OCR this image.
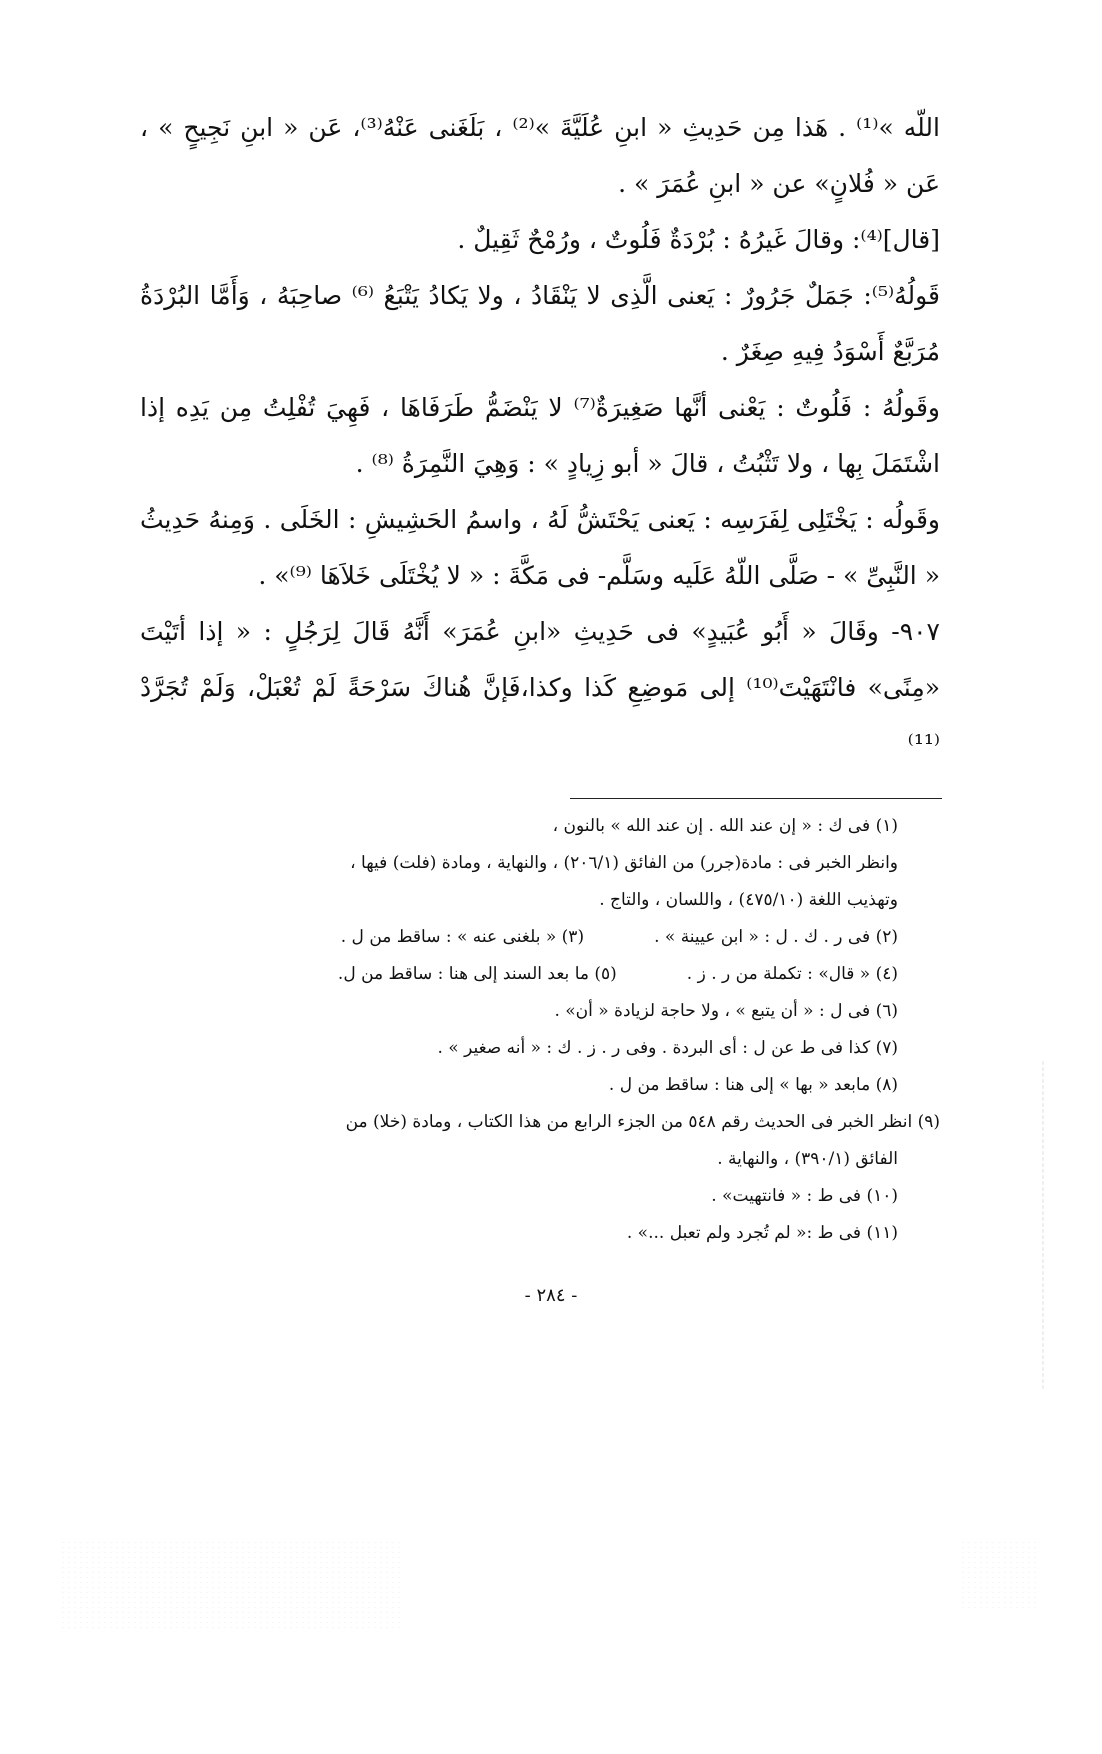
اللّه »⁽¹⁾ . هَذا مِن حَدِيثِ « ابنِ عُلَيَّةَ »⁽²⁾ ، بَلَغَنى عَنْهُ⁽³⁾، عَن « ابنِ نَجِيحٍ » ، عَن « فُلانٍ» عن « ابنِ عُمَرَ » .

[قال]⁽⁴⁾: وقالَ غَيرُهُ : بُرْدَةٌ فَلُوتٌ ، ورُمْحٌ ثَقِيلٌ .

قَولُهُ⁽⁵⁾: جَمَلٌ جَرُورٌ : يَعنى الَّذِى لا يَنْقَادُ ، ولا يَكادُ يَتْبَعُ ⁽⁶⁾ صاحِبَهُ ، وَأَمَّا البُرْدَةُ مُرَبَّعٌ أَسْوَدُ فِيهِ صِغَرٌ .

وقَولُهُ : فَلُوتٌ : يَعْنى أنَّها صَغِيرَةٌ⁽⁷⁾ لا يَنْضَمُّ طَرَفَاهَا ، فَهِيَ تُفْلِتُ مِن يَدِه إذا اشْتَمَلَ بِها ، ولا تَثْبُتُ ، قالَ « أبو زِيادٍ » : وَهِيَ النَّمِرَةُ ⁽⁸⁾ .

وقَولُه : يَخْتَلِى لِفَرَسِه : يَعنى يَحْتَشُّ لَهُ ، واسمُ الحَشِيشِ : الخَلَى . وَمِنهُ حَدِيثُ « النَّبِىِّ » - صَلَّى اللّهُ عَلَيه وسَلَّم- فى مَكَّةَ : « لا يُخْتَلَى خَلاَهَا ⁽⁹⁾» .

٩٠٧- وقَالَ « أَبُو عُبَيدٍ» فى حَدِيثِ «ابنِ عُمَرَ» أَنَّهُ قَالَ لِرَجُلٍ : « إذا أتَيْتَ «مِنًى» فانْتَهَيْتَ⁽¹⁰⁾ إلى مَوضِعِ كَذا وكذا،فَإنَّ هُناكَ سَرْحَةً لَمْ تُعْبَلْ، وَلَمْ تُجَرَّدْ ⁽¹¹⁾

(١) فى ك : « إن عند الله . إن عند الله » بالنون ،

وانظر الخبر فى : مادة(جرر) من الفائق (٢٠٦/١) ، والنهاية ، ومادة (فلت) فيها ،

وتهذيب اللغة (٤٧٥/١٠) ، واللسان ، والتاج .

(٢) فى ر . ك . ل : « ابن عيينة » .

(٣) « بلغنى عنه » : ساقط من ل .

(٤) « قال» : تكملة من ر . ز .

(٥) ما بعد السند إلى هنا : ساقط من ل.

(٦) فى ل : « أن يتبع » ، ولا حاجة لزيادة « أن» .

(٧) كذا فى ط عن ل : أى البردة . وفى ر . ز . ك : « أنه صغير » .

(٨) مابعد « بها » إلى هنا : ساقط من ل .

(٩) انظر الخبر فى الحديث رقم ٥٤٨ من الجزء الرابع من هذا الكتاب ، ومادة (خلا) من

الفائق (٣٩٠/١) ، والنهاية .

(١٠) فى ط : « فانتهيت» .

(١١) فى ط :« لم تُجرد ولم تعبل ...» .

- ٢٨٤ -
